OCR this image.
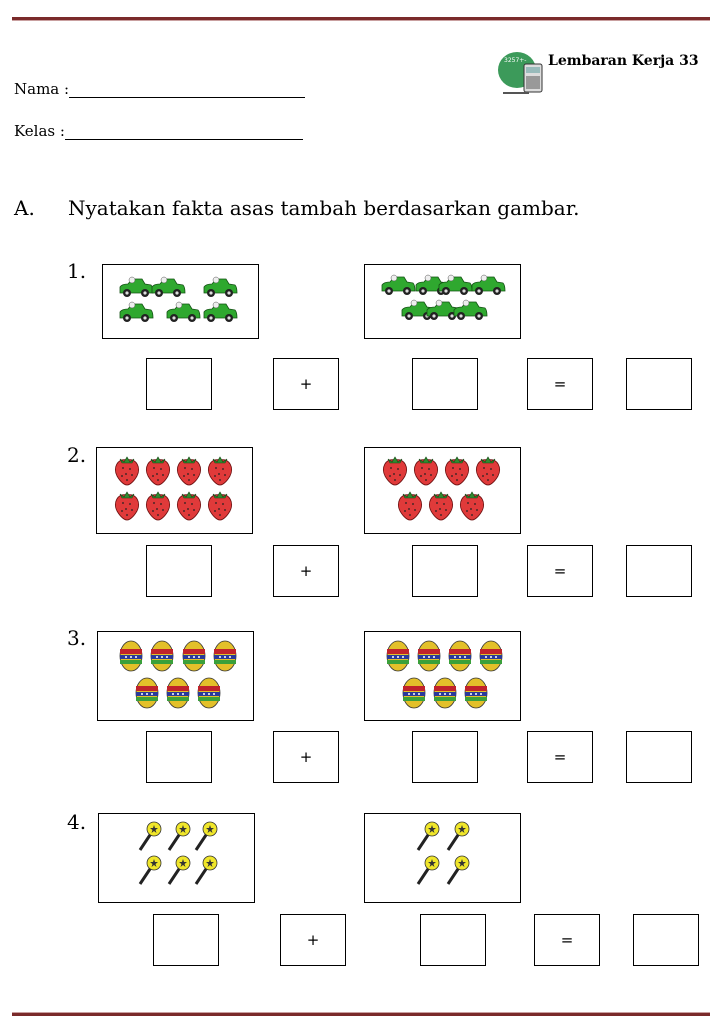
Nama :
Kelas :
3257+- Lembaran Kerja 33
A. Nyatakan fakta asas tambah berdasarkan gambar.
1.
2.
3.
4.
+	=
+	=
+	=
+	=
